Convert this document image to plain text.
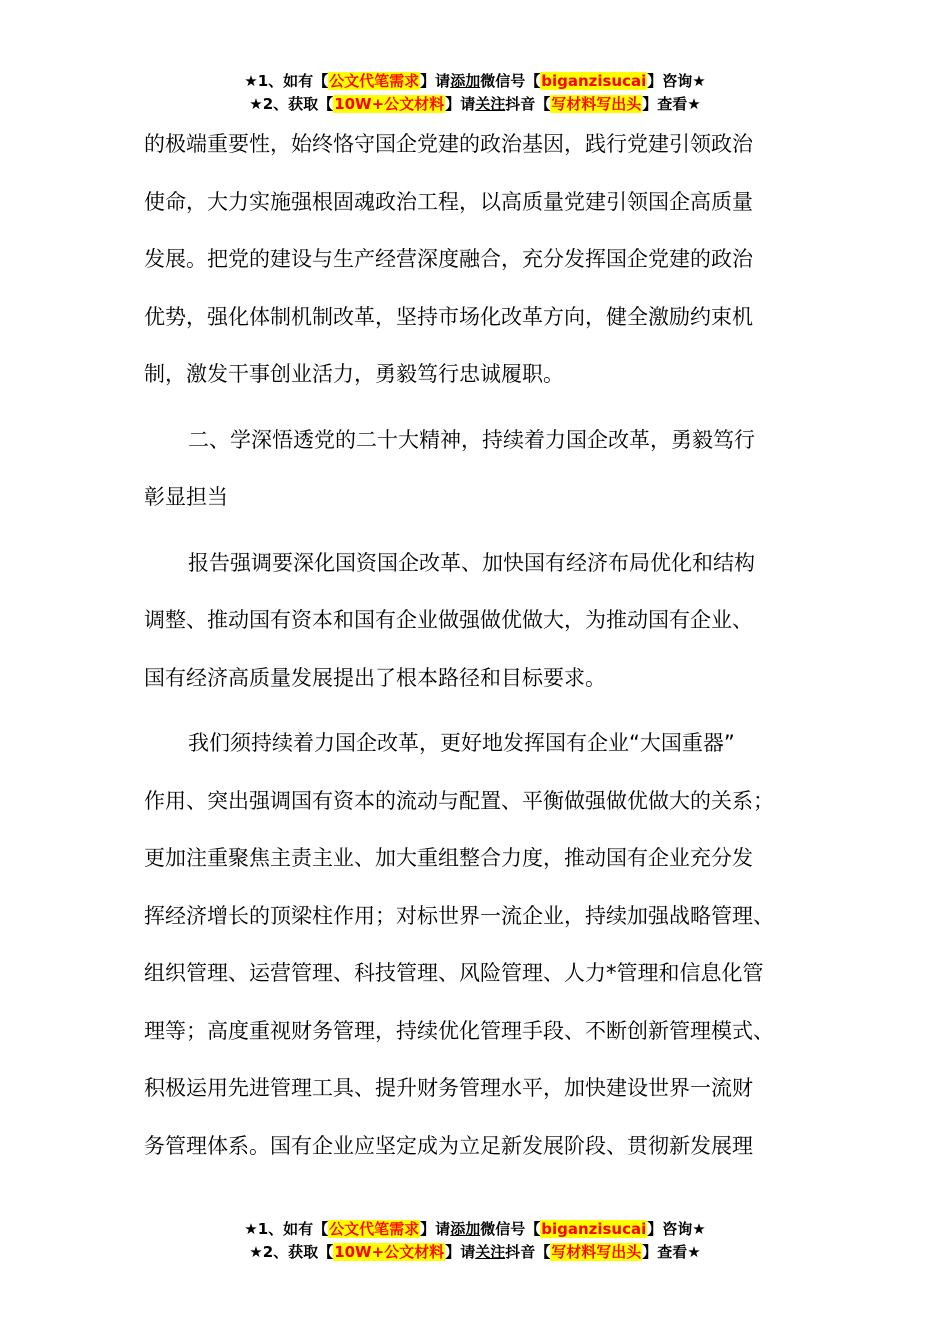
★1、如有【公文代笔需求】请添加微信号【biganzisucai】咨询★
★2、获取【10W+公文材料】请关注抖音【写材料写出头】查看★
的极端重要性，始终恪守国企党建的政治基因，践行党建引领政治
使命，大力实施强根固魂政治工程，以高质量党建引领国企高质量
发展。把党的建设与生产经营深度融合，充分发挥国企党建的政治
优势，强化体制机制改革，坚持市场化改革方向，健全激励约束机
制，激发干事创业活力，勇毅笃行忠诚履职。
二、学深悟透党的二十大精神，持续着力国企改革，勇毅笃行
彰显担当
报告强调要深化国资国企改革、加快国有经济布局优化和结构
调整、推动国有资本和国有企业做强做优做大，为推动国有企业、
国有经济高质量发展提出了根本路径和目标要求。
我们须持续着力国企改革，更好地发挥国有企业“大国重器”
作用、突出强调国有资本的流动与配置、平衡做强做优做大的关系；
更加注重聚焦主责主业、加大重组整合力度，推动国有企业充分发
挥经济增长的顶梁柱作用；对标世界一流企业，持续加强战略管理、
组织管理、运营管理、科技管理、风险管理、人力*管理和信息化管
理等；高度重视财务管理，持续优化管理手段、不断创新管理模式、
积极运用先进管理工具、提升财务管理水平，加快建设世界一流财
务管理体系。国有企业应坚定成为立足新发展阶段、贯彻新发展理
★1、如有【公文代笔需求】请添加微信号【biganzisucai】咨询★
★2、获取【10W+公文材料】请关注抖音【写材料写出头】查看★
